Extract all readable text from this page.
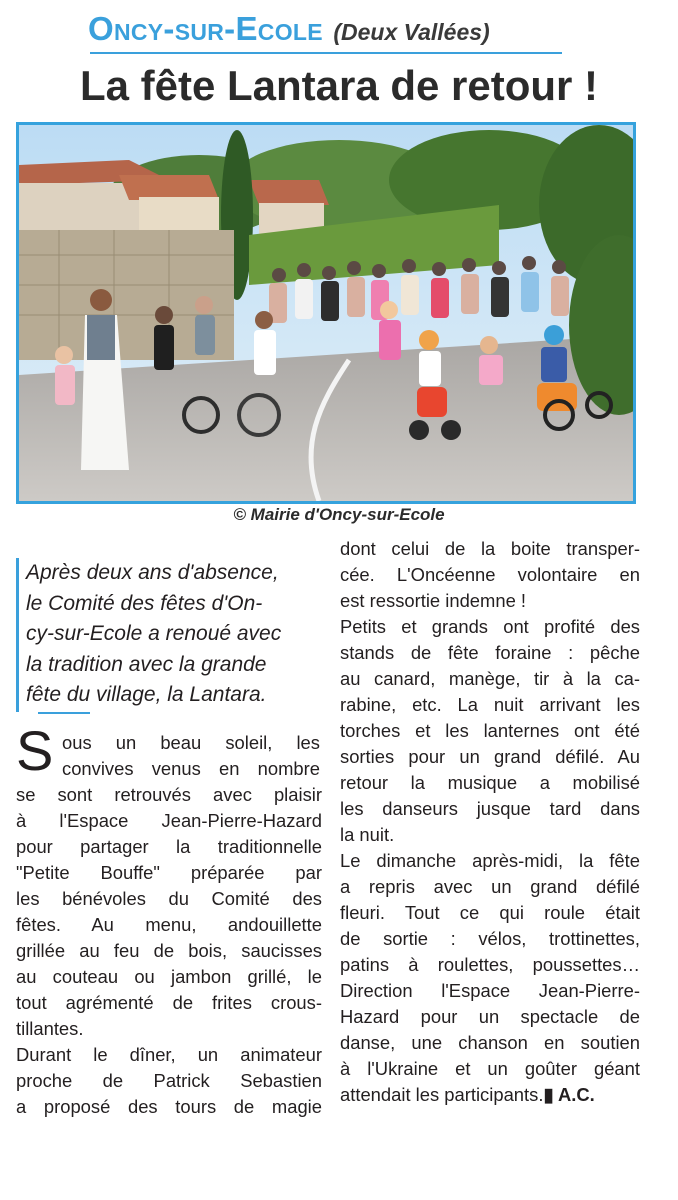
Oncy-sur-Ecole (Deux Vallées)
La fête Lantara de retour !
© Mairie d'Oncy-sur-Ecole
Après deux ans d'absence,
le Comité des fêtes d'On-
cy-sur-Ecole a renoué avec
la tradition avec la grande
fête du village, la Lantara.
S ous un beau soleil, les
convives venus en nombre
se sont retrouvés avec plaisir
à l'Espace Jean-Pierre-Hazard
pour partager la traditionnelle
"Petite Bouffe" préparée par
les bénévoles du Comité des
fêtes. Au menu, andouillette
grillée au feu de bois, saucisses
au couteau ou jambon grillé, le
tout agrémenté de frites crous-
tillantes.
Durant le dîner, un animateur
proche de Patrick Sebastien
a proposé des tours de magie
dont celui de la boite transper-
cée. L'Oncéenne volontaire en
est ressortie indemne !
Petits et grands ont profité des
stands de fête foraine : pêche
au canard, manège, tir à la ca-
rabine, etc. La nuit arrivant les
torches et les lanternes ont été
sorties pour un grand défilé. Au
retour la musique a mobilisé
les danseurs jusque tard dans
la nuit.
Le dimanche après-midi, la fête
a repris avec un grand défilé
fleuri. Tout ce qui roule était
de sortie : vélos, trottinettes,
patins à roulettes, poussettes…
Direction l'Espace Jean-Pierre-
Hazard pour un spectacle de
danse, une chanson en soutien
à l'Ukraine et un goûter géant
attendait les participants.▮ A.C.
